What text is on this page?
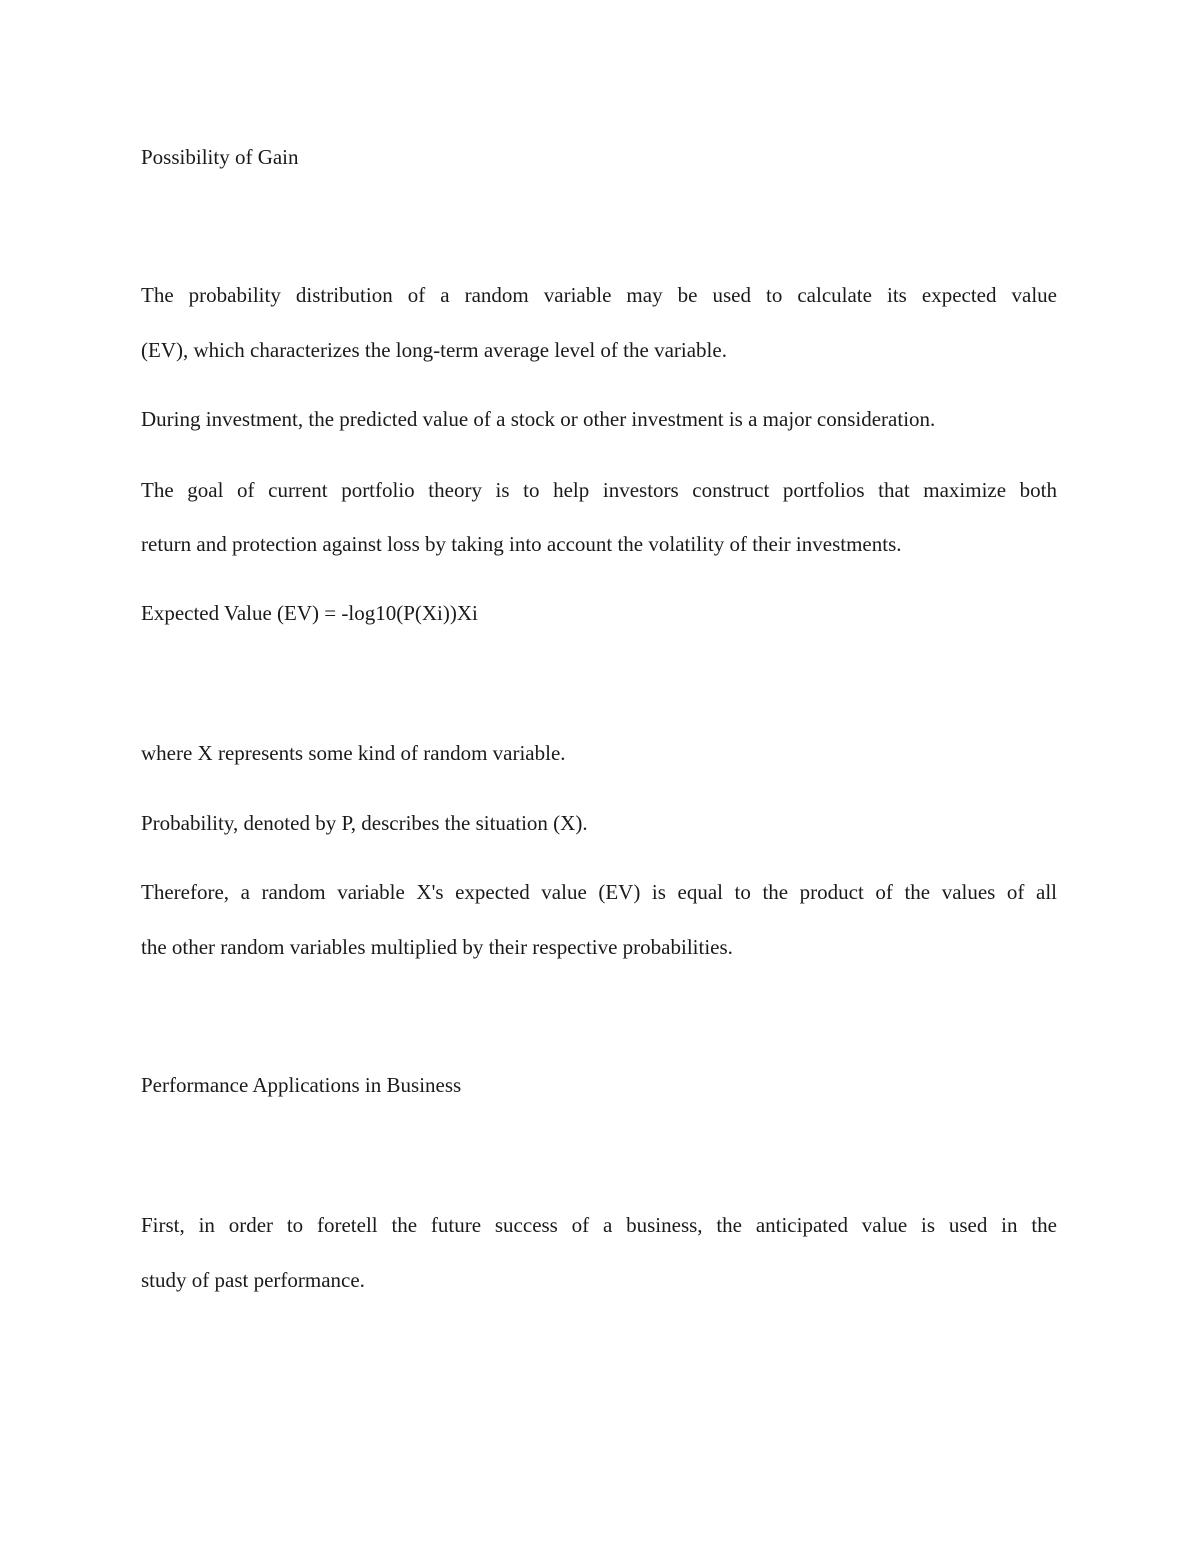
Possibility of Gain

The probability distribution of a random variable may be used to calculate its expected value

(EV), which characterizes the long-term average level of the variable.

During investment, the predicted value of a stock or other investment is a major consideration.

The goal of current portfolio theory is to help investors construct portfolios that maximize both

return and protection against loss by taking into account the volatility of their investments.

Expected Value (EV) = -log10(P(Xi))Xi

where X represents some kind of random variable.

Probability, denoted by P, describes the situation (X).

Therefore, a random variable X's expected value (EV) is equal to the product of the values of all

the other random variables multiplied by their respective probabilities.

Performance Applications in Business

First, in order to foretell the future success of a business, the anticipated value is used in the

study of past performance.
